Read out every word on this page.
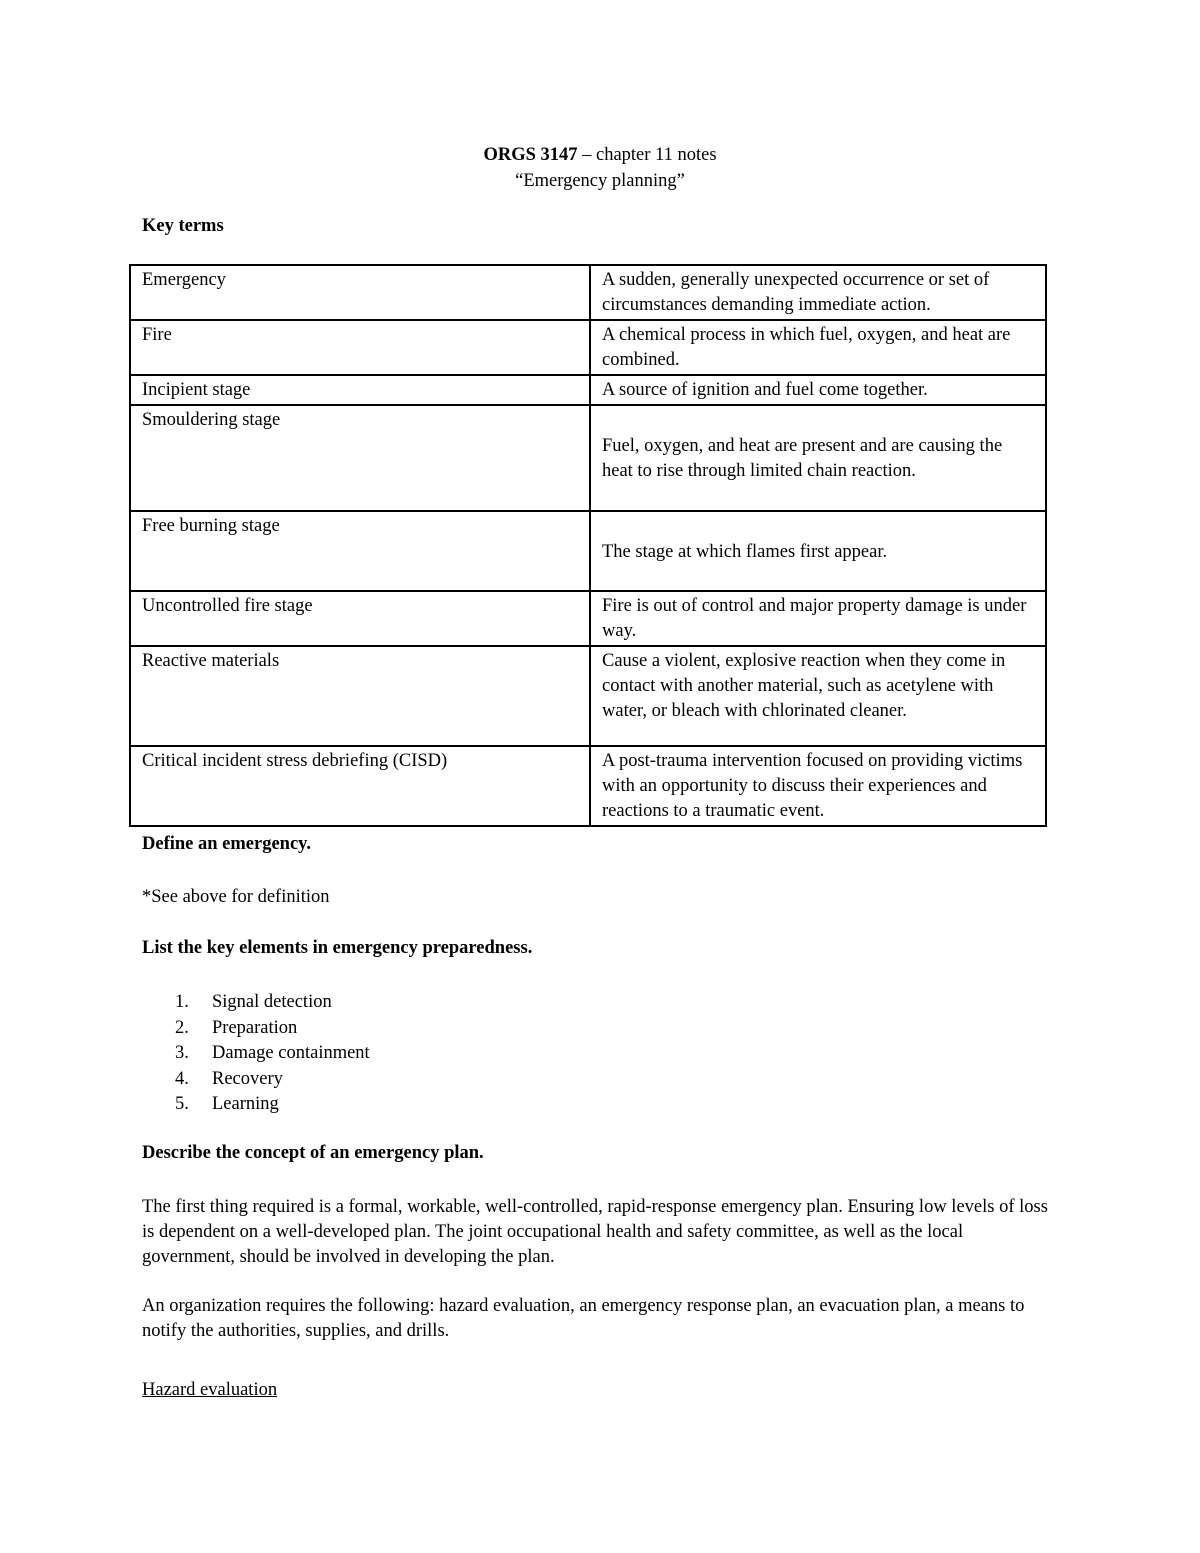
ORGS 3147 – chapter 11 notes
“Emergency planning”
Key terms
Emergency	A sudden, generally unexpected occurrence or set of circumstances demanding immediate action.
Fire	A chemical process in which fuel, oxygen, and heat are combined.
Incipient stage	A source of ignition and fuel come together.
Smouldering stage	Fuel, oxygen, and heat are present and are causing the heat to rise through limited chain reaction.
Free burning stage	The stage at which flames first appear.
Uncontrolled fire stage	Fire is out of control and major property damage is under way.
Reactive materials	Cause a violent, explosive reaction when they come in contact with another material, such as acetylene with water, or bleach with chlorinated cleaner.
Critical incident stress debriefing (CISD)	A post-trauma intervention focused on providing victims with an opportunity to discuss their experiences and reactions to a traumatic event.
Define an emergency.
*See above for definition
List the key elements in emergency preparedness.
1. Signal detection
2. Preparation
3. Damage containment
4. Recovery
5. Learning
Describe the concept of an emergency plan.
The first thing required is a formal, workable, well-controlled, rapid-response emergency plan. Ensuring low levels of loss is dependent on a well-developed plan. The joint occupational health and safety committee, as well as the local government, should be involved in developing the plan.
An organization requires the following: hazard evaluation, an emergency response plan, an evacuation plan, a means to notify the authorities, supplies, and drills.
Hazard evaluation
